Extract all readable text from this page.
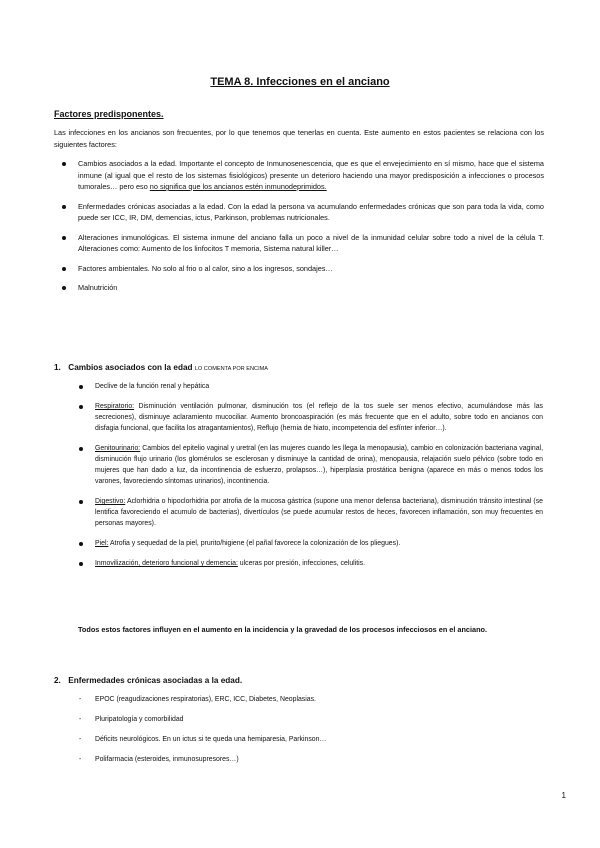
TEMA 8. Infecciones en el anciano
Factores predisponentes.

Las infecciones en los ancianos son frecuentes, por lo que tenemos que tenerlas en cuenta. Este aumento en estos pacientes se relaciona con los siguientes factores:

Cambios asociados a la edad. Importante el concepto de Inmunosenescencia, que es que el envejecimiento en sí mismo, hace que el sistema inmune (al igual que el resto de los sistemas fisiológicos) presente un deterioro haciendo una mayor predisposición a infecciones o procesos tumorales… pero eso no significa que los ancianos estén inmunodeprimidos.
Enfermedades crónicas asociadas a la edad. Con la edad la persona va acumulando enfermedades crónicas que son para toda la vida, como puede ser ICC, IR, DM, demencias, ictus, Parkinson, problemas nutricionales.
Alteraciones inmunológicas. El sistema inmune del anciano falla un poco a nivel de la inmunidad celular sobre todo a nivel de la célula T. Alteraciones como: Aumento de los linfocitos T memoria, Sistema natural killer…
Factores ambientales. No solo al frio o al calor, sino a los ingresos, sondajes…
Malnutrición
1. Cambios asociados con la edad LO COMENTA POR ENCIMA
Declive de la función renal y hepática
Respiratorio: Disminución ventilación pulmonar, disminución tos (el reflejo de la tos suele ser menos efectivo, acumulándose más las secreciones), disminuye aclaramiento mucociliar. Aumento broncoaspiración (es más frecuente que en el adulto, sobre todo en ancianos con disfagia funcional, que facilita los atragantamientos), Reflujo (hernia de hiato, incompetencia del esfínter inferior…).
Genitourinario: Cambios del epitelio vaginal y uretral (en las mujeres cuando les llega la menopausia), cambio en colonización bacteriana vaginal, disminución flujo urinario (los glomérulos se esclerosan y disminuye la cantidad de orina), menopausia, relajación suelo pélvico (sobre todo en mujeres que han dado a luz, da incontinencia de esfuerzo, prolapsos…), hiperplasia prostática benigna (aparece en más o menos todos los varones, favoreciendo síntomas urinarios), incontinencia.
Digestivo: Aclorhidria o hipoclorhidria por atrofia de la mucosa gástrica (supone una menor defensa bacteriana), disminución tránsito intestinal (se lentifica favoreciendo el acumulo de bacterias), divertículos (se puede acumular restos de heces, favorecen inflamación, son muy frecuentes en personas mayores).
Piel: Atrofia y sequedad de la piel, prurito/higiene (el pañal favorece la colonización de los pliegues).
Inmovilización, deterioro funcional y demencia: ulceras por presión, infecciones, celulitis.

Todos estos factores influyen en el aumento en la incidencia y la gravedad de los procesos infecciosos en el anciano.

2. Enfermedades crónicas asociadas a la edad.
- EPOC (reagudizaciones respiratorias), ERC, ICC, Diabetes, Neoplasias.
- Pluripatología y comorbilidad
- Déficits neurológicos. En un ictus si te queda una hemiparesia, Parkinson…
- Polifarmacia (esteroides, inmunosupresores…)

1
